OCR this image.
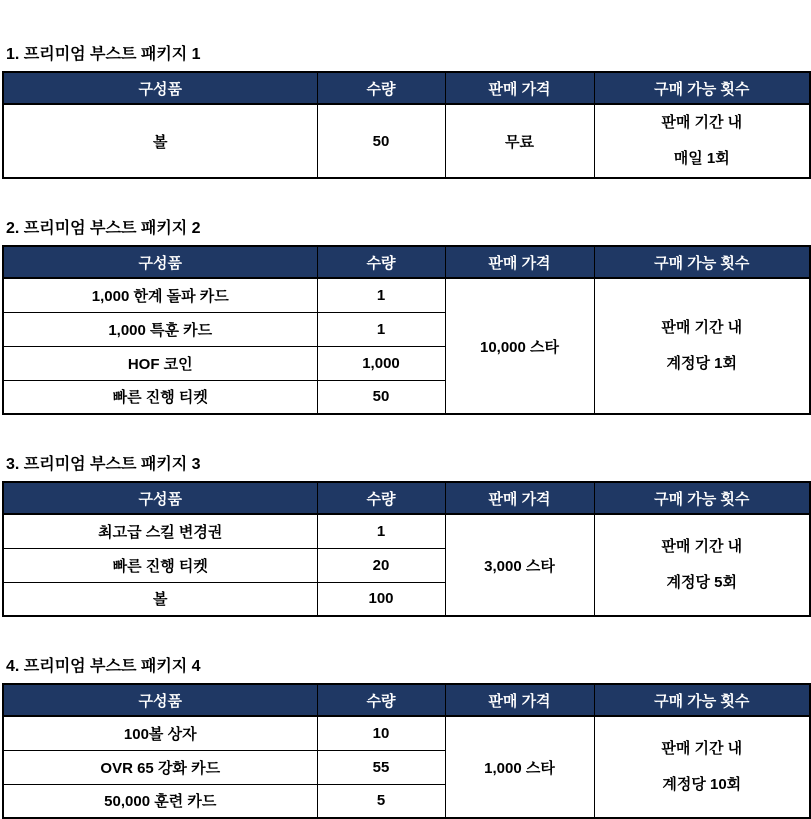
1. 프리미엄 부스트 패키지 1
구성품	수량	판매 가격	구매 가능 횟수
볼	50	무료	판매 기간 내
매일 1회
2. 프리미엄 부스트 패키지 2
구성품	수량	판매 가격	구매 가능 횟수
1,000 한계 돌파 카드	1	10,000 스타	판매 기간 내
계정당 1회

1,000 특훈 카드	1		
HOF 코인	1,000		
빠른 진행 티켓	50		
3. 프리미엄 부스트 패키지 3
구성품	수량	판매 가격	구매 가능 횟수
최고급 스킬 변경권	1	3,000 스타	판매 기간 내
계정당 5회

빠른 진행 티켓	20		
볼	100		
4. 프리미엄 부스트 패키지 4
구성품	수량	판매 가격	구매 가능 횟수
100볼 상자	10	1,000 스타	판매 기간 내
계정당 10회

OVR 65 강화 카드	55		
50,000 훈련 카드	5		
